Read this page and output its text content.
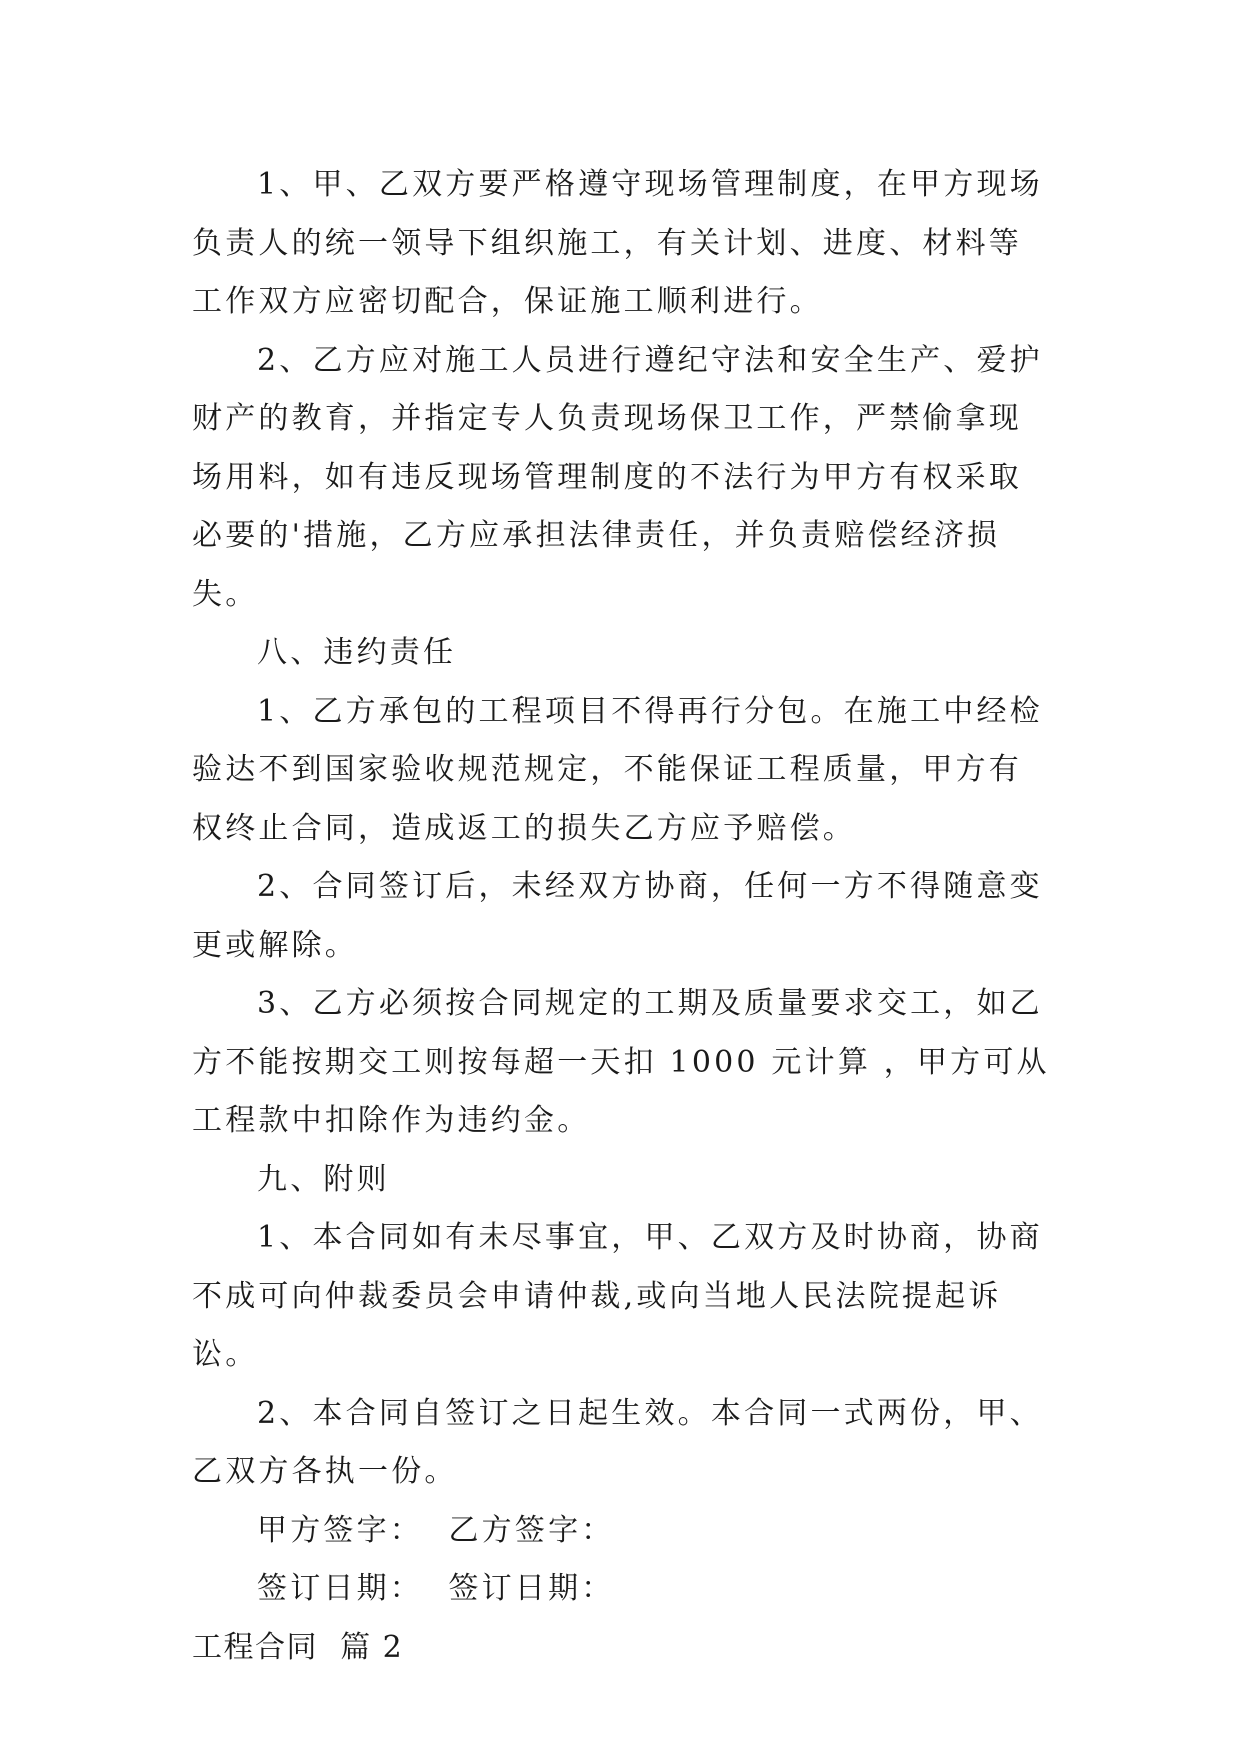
1、甲、乙双方要严格遵守现场管理制度，在甲方现场负责人的统一领导下组织施工，有关计划、进度、材料等工作双方应密切配合，保证施工顺利进行。

2、乙方应对施工人员进行遵纪守法和安全生产、爱护财产的教育，并指定专人负责现场保卫工作，严禁偷拿现场用料，如有违反现场管理制度的不法行为甲方有权采取必要的'措施，乙方应承担法律责任，并负责赔偿经济损失。

八、违约责任

1、乙方承包的工程项目不得再行分包。在施工中经检验达不到国家验收规范规定，不能保证工程质量，甲方有权终止合同，造成返工的损失乙方应予赔偿。

2、合同签订后，未经双方协商，任何一方不得随意变更或解除。

3、乙方必须按合同规定的工期及质量要求交工，如乙方不能按期交工则按每超一天扣 1000 元计算 ，甲方可从工程款中扣除作为违约金。

九、附则

1、本合同如有未尽事宜，甲、乙双方及时协商，协商不成可向仲裁委员会申请仲裁,或向当地人民法院提起诉讼。

2、本合同自签订之日起生效。本合同一式两份，甲、乙双方各执一份。

甲方签字：  乙方签字：

签订日期：  签订日期：

工程合同  篇 2
